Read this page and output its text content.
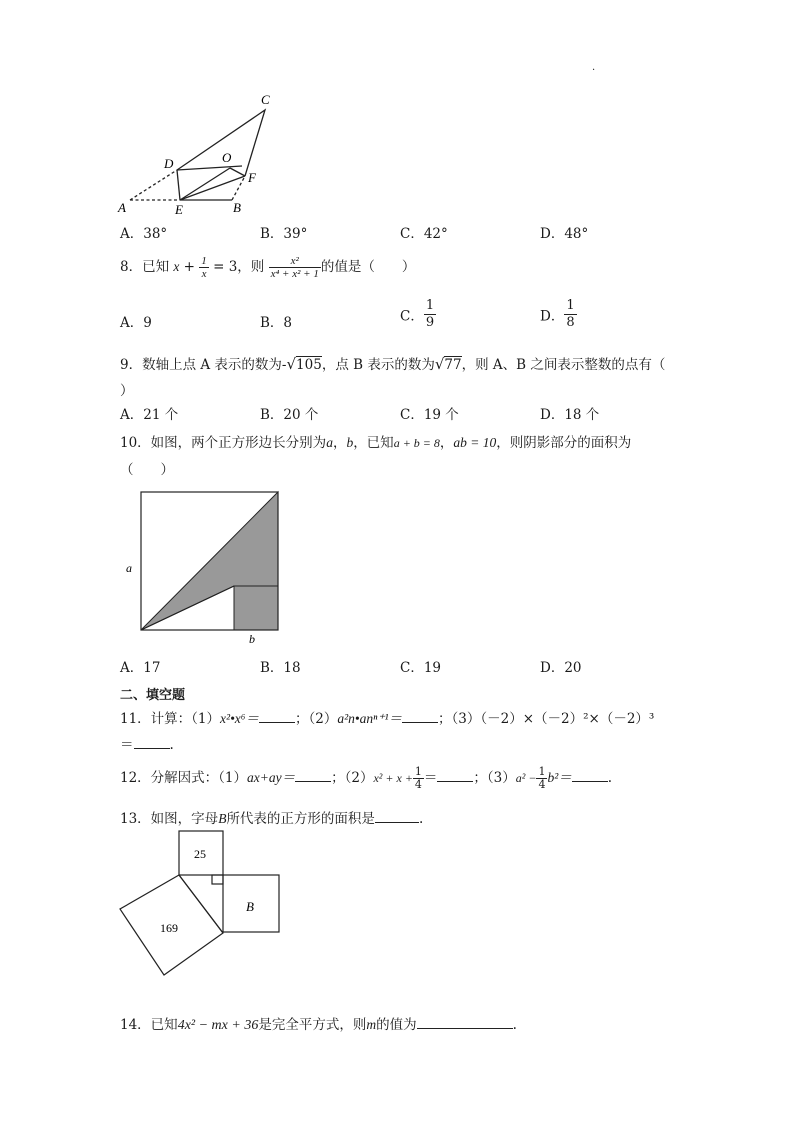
.
C
D	O
F
A	E	B
A．38°	B．39°	C．42°	D．48°
8．已知 $x + \frac{1}{x} = 3$，则 $\frac{\text{x²}}{\text{x⁴ + x² + 1}}$ 的值是（　　）
A．9	B．8	C． $\frac{1}{9}$	D． $\frac{1}{8}$
9．数轴上点 A 表示的数为-√105，点 B 表示的数为√77，则 A、B 之间表示整数的点有（
）
A．21 个	B．20 个	C．19 个	D．18 个
10．如图，两个正方形边长分别为a，b，已知a + b = 8，ab = 10，则阴影部分的面积为
（　　）
a
b
A．17	B．18	C．19	D．20
二、填空题
11．计算：（1）x²•x⁶＝	；（2）a²n•anⁿ⁺¹＝	；（3）（－2）×（－2）²×（－2）³
＝	.
12．分解因式：（1）ax+ay＝	；$(2)x^2 + x + \frac{1}{4}$ ＝	；$(3)a^2 - \frac{1}{4} b^2=$	.
13．如图，字母B所代表的正方形的面积是	.
25
169
B
14．已知4x² − mx + 36是完全平方式，则m的值为	.
